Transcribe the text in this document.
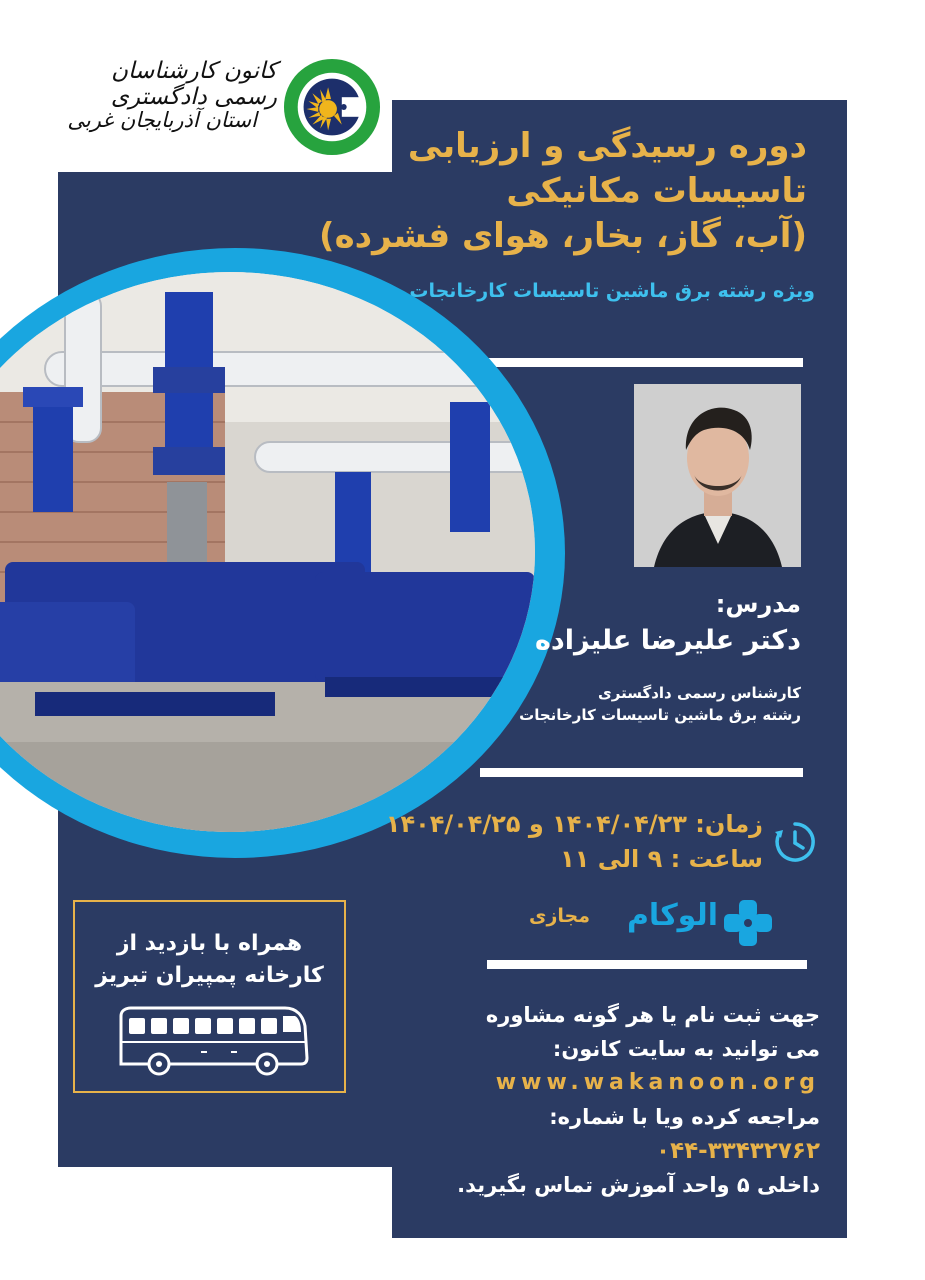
کانون کارشناسان رسمی دادگستری
استان آذربایجان غربی
دوره رسیدگی و ارزیابی
تاسیسات مکانیکی
(آب، گاز، بخار، هوای فشرده)
ویژه رشته برق ماشین تاسیسات کارخانجات
مدرس:
دکتر علیرضا علیزاده
کارشناس رسمی دادگستری
رشته برق ماشین تاسیسات کارخانجات
زمان: ۱۴۰۴/۰۴/۲۳ و ۱۴۰۴/۰۴/۲۵
ساعت : ۹ الی ۱۱
الوکام
مجازی
همراه با بازدید از
کارخانه پمپیران تبریز
جهت ثبت نام یا هر گونه مشاوره
می توانید به سایت کانون:
www.wakanoon.org
مراجعه کرده ویا با شماره:
۰۴۴-۳۳۴۳۲۷۶۲
داخلی ۵ واحد آموزش تماس بگیرید.
